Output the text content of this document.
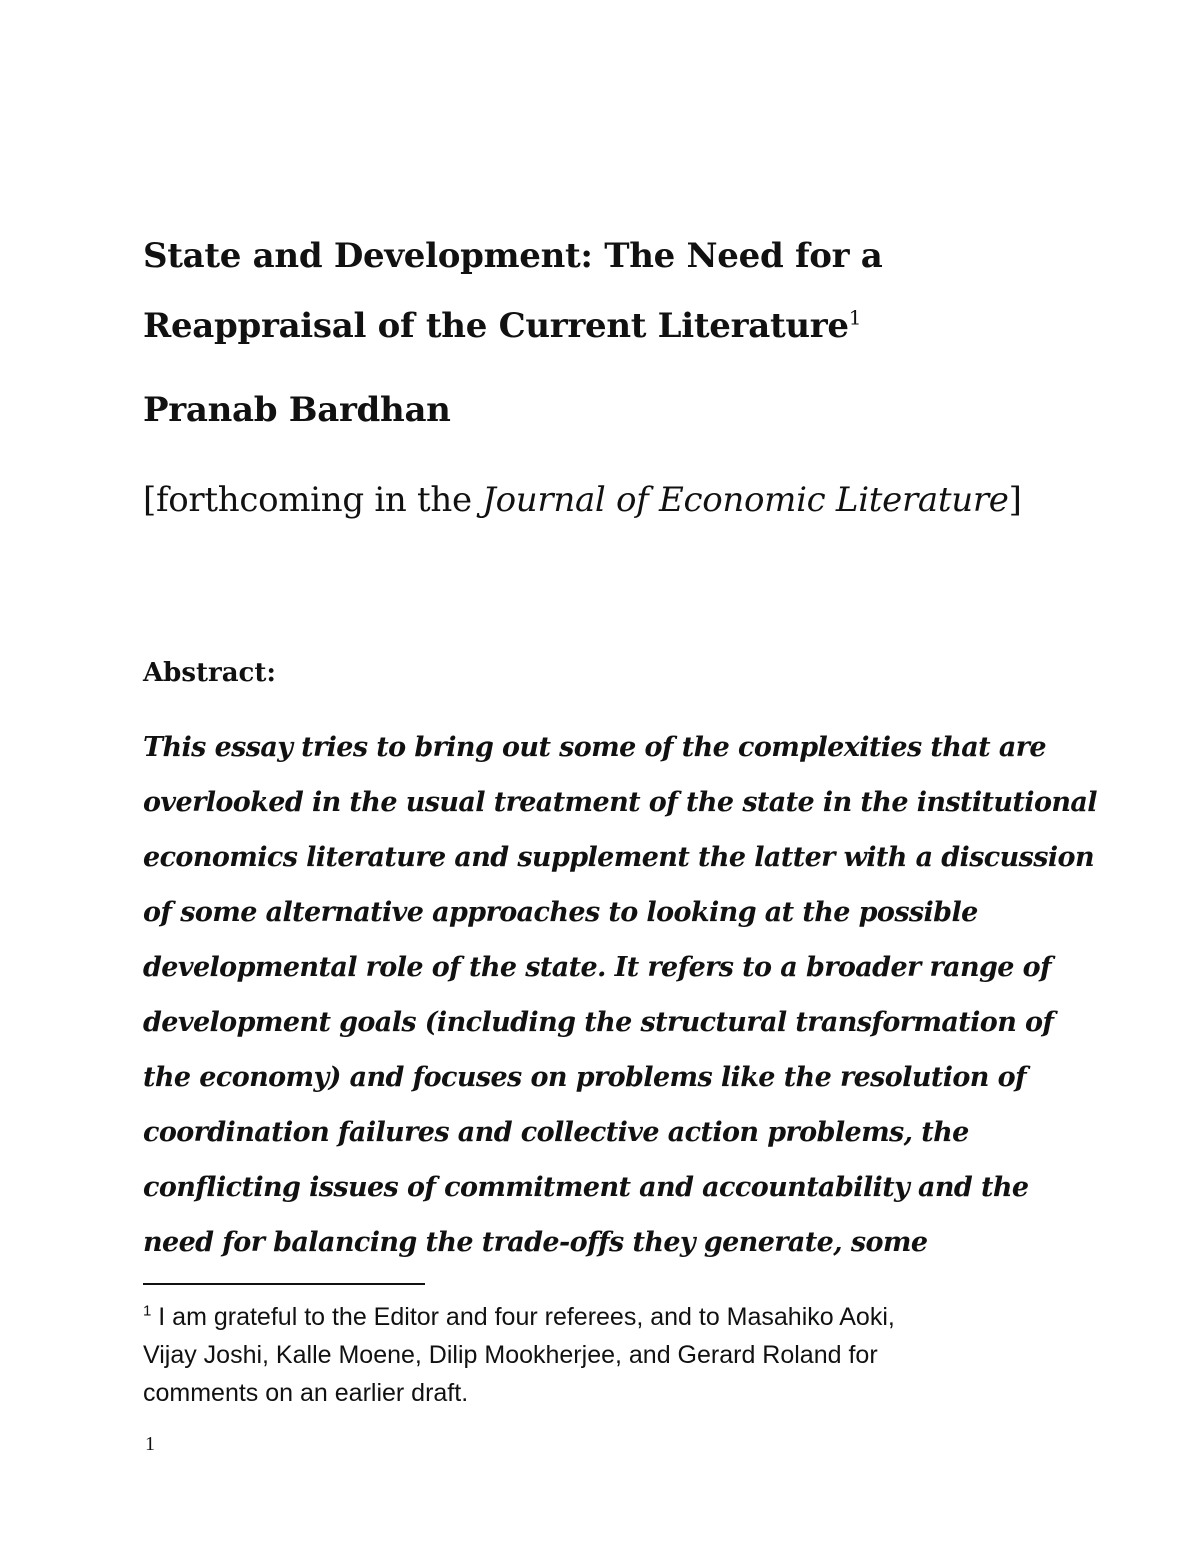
State and Development: The Need for a
Reappraisal of the Current Literature$^1$
Pranab Bardhan
[forthcoming in the Journal of Economic Literature]
Abstract:
This essay tries to bring out some of the complexities that are
overlooked in the usual treatment of the state in the institutional
economics literature and supplement the latter with a discussion
of some alternative approaches to looking at the possible
developmental role of the state. It refers to a broader range of
development goals (including the structural transformation of
the economy) and focuses on problems like the resolution of
coordination failures and collective action problems, the
conflicting issues of commitment and accountability and the
need for balancing the trade-offs they generate, some
$^1$ I am grateful to the Editor and four referees, and to Masahiko Aoki,
Vijay Joshi, Kalle Moene, Dilip Mookherjee, and Gerard Roland for
comments on an earlier draft.
1
